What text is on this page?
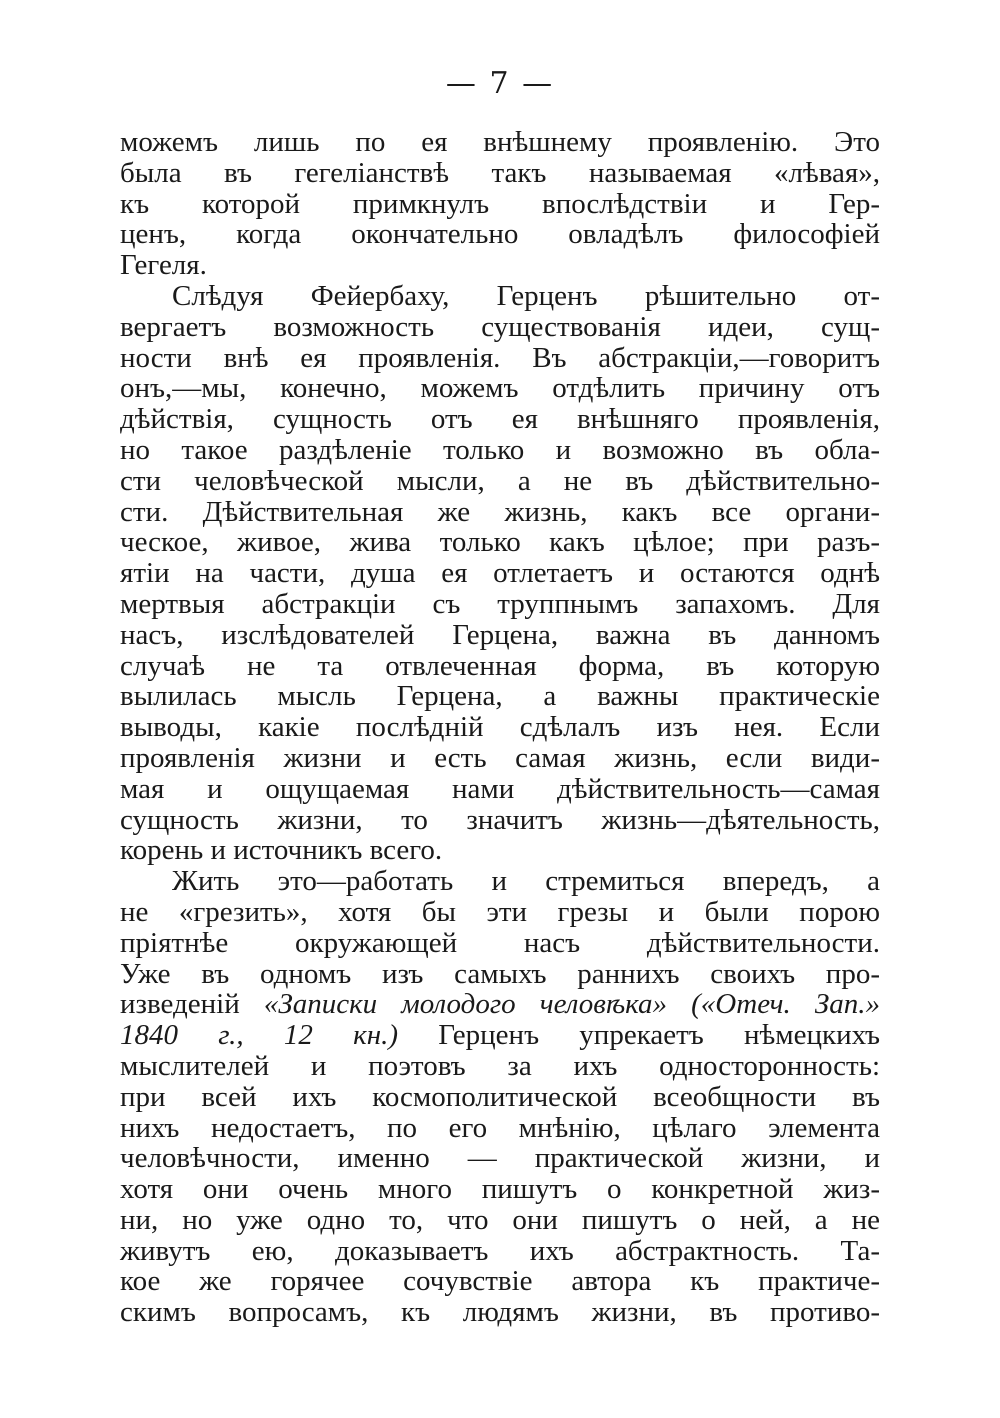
— 7 —
можемъ лишь по ея внѣшнему проявленію. Это
была въ гегеліанствѣ такъ называемая «лѣвая»,
къ которой примкнулъ впослѣдствіи и Гер-
ценъ, когда окончательно овладѣлъ философіей
Гегеля.
Слѣдуя Фейербаху, Герценъ рѣшительно от-
вергаетъ возможность существованія идеи, сущ-
ности внѣ ея проявленія. Въ абстракціи,—говоритъ
онъ,—мы, конечно, можемъ отдѣлить причину отъ
дѣйствія, сущность отъ ея внѣшняго проявленія,
но такое раздѣленіе только и возможно въ обла-
сти человѣческой мысли, а не въ дѣйствительно-
сти. Дѣйствительная же жизнь, какъ все органи-
ческое, живое, жива только какъ цѣлое; при разъ-
ятіи на части, душа ея отлетаетъ и остаются однѣ
мертвыя абстракціи съ труппнымъ запахомъ. Для
насъ, изслѣдователей Герцена, важна въ данномъ
случаѣ не та отвлеченная форма, въ которую
вылилась мысль Герцена, а важны практическіе
выводы, какіе послѣдній сдѣлалъ изъ нея. Если
проявленія жизни и есть самая жизнь, если види-
мая и ощущаемая нами дѣйствительность—самая
сущность жизни, то значитъ жизнь—дѣятельность,
корень и источникъ всего.
Жить это—работать и стремиться впередъ, а
не «грезить», хотя бы эти грезы и были порою
пріятнѣе окружающей насъ дѣйствительности.
Уже въ одномъ изъ самыхъ раннихъ своихъ про-
изведеній «Записки молодого человѣка» («Отеч. Зап.»
1840 г., 12 кн.) Герценъ упрекаетъ нѣмецкихъ
мыслителей и поэтовъ за ихъ односторонность:
при всей ихъ космополитической всеобщности въ
нихъ недостаетъ, по его мнѣнію, цѣлаго элемента
человѣчности, именно — практической жизни, и
хотя они очень много пишутъ о конкретной жиз-
ни, но уже одно то, что они пишутъ о ней, а не
живутъ ею, доказываетъ ихъ абстрактность. Та-
кое же горячее сочувствіе автора къ практиче-
скимъ вопросамъ, къ людямъ жизни, въ противо-
